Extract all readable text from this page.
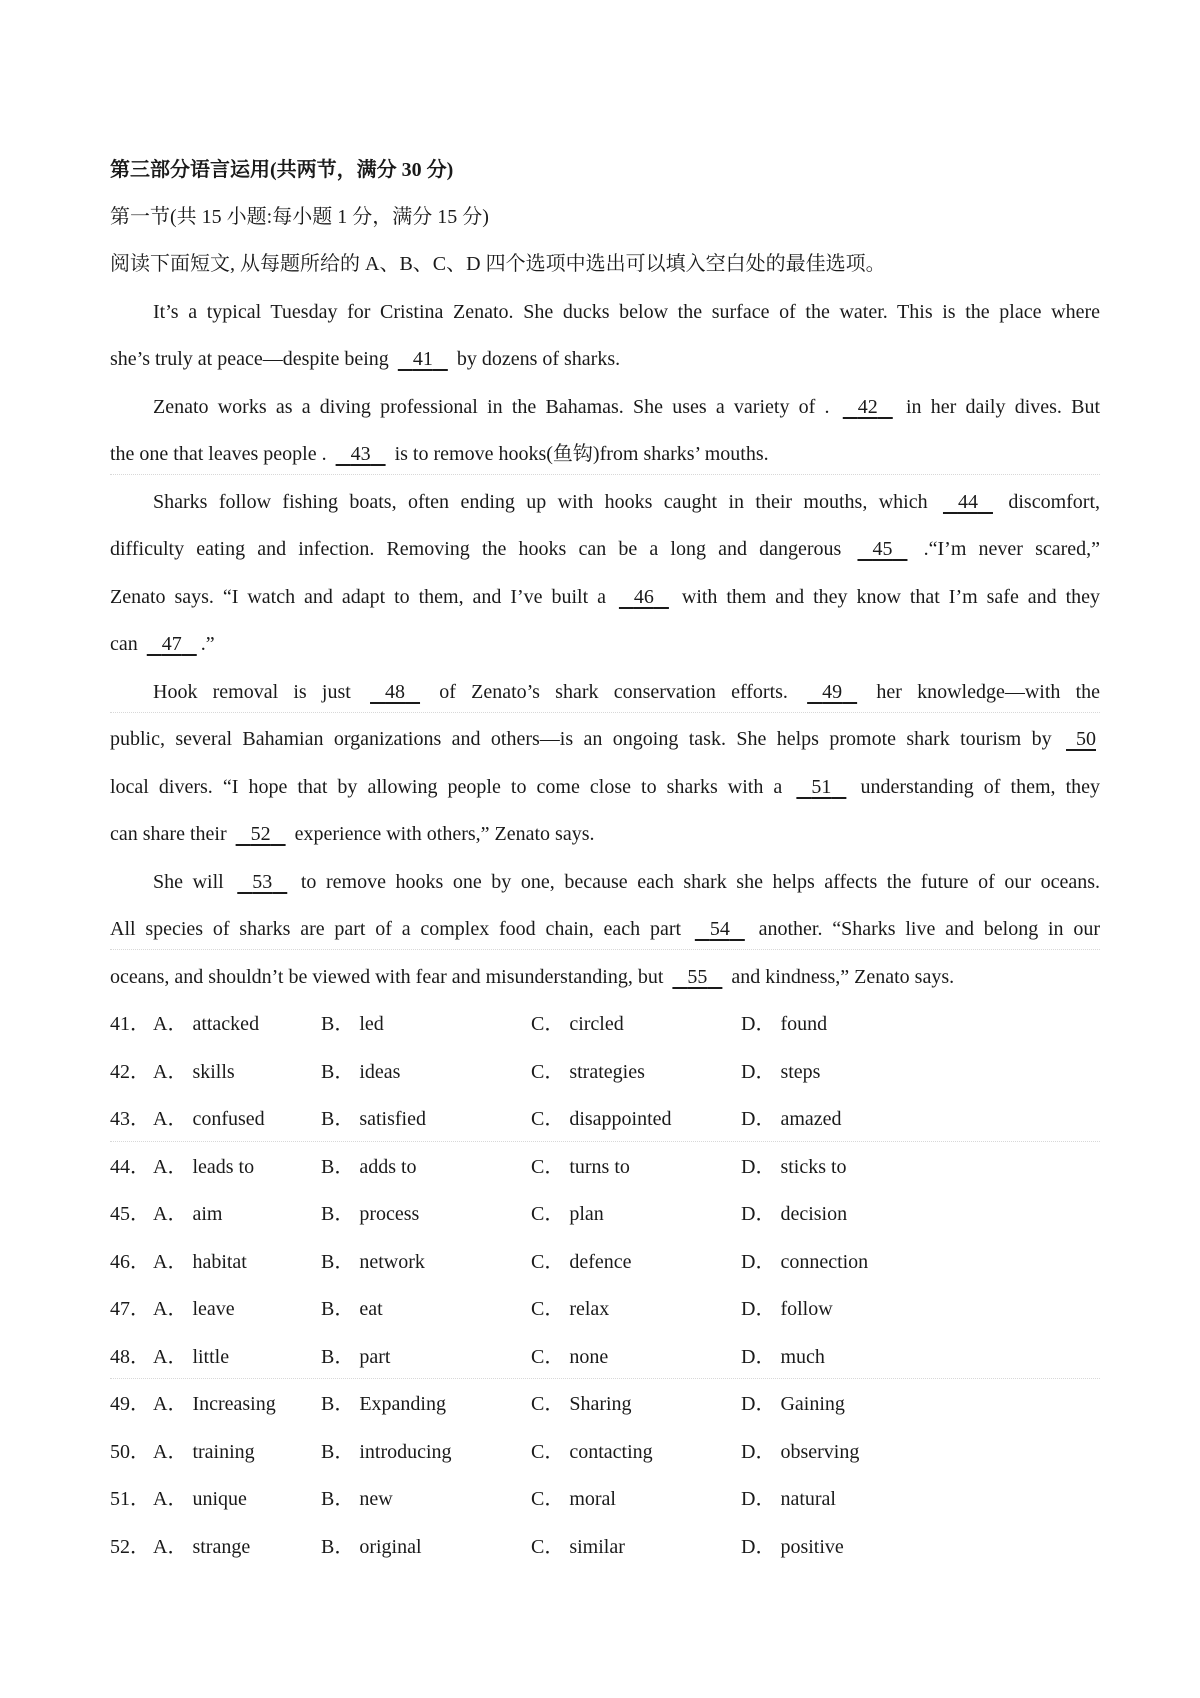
第三部分语言运用(共两节，满分 30 分)
第一节(共 15 小题:每小题 1 分，满分 15 分)
阅读下面短文, 从每题所给的 A、B、C、D 四个选项中选出可以填入空白处的最佳选项。
It’s a typical Tuesday for Cristina Zenato. She ducks below the surface of the water. This is the place where
she’s truly at peace—despite being 41 by dozens of sharks.
Zenato works as a diving professional in the Bahamas. She uses a variety of . 42 in her daily dives. But
the one that leaves people . 43 is to remove hooks(鱼钩)from sharks’ mouths.
Sharks follow fishing boats, often ending up with hooks caught in their mouths, which 44 discomfort,
difficulty eating and infection. Removing the hooks can be a long and dangerous 45 .“I’m never scared,”
Zenato says. “I watch and adapt to them, and I’ve built a 46 with them and they know that I’m safe and they
can 47 .”
Hook removal is just 48 of Zenato’s shark conservation efforts. 49 her knowledge—with the
public, several Bahamian organizations and others—is an ongoing task. She helps promote shark tourism by 50
local divers. “I hope that by allowing people to come close to sharks with a 51 understanding of them, they
can share their 52 experience with others,” Zenato says.
She will 53 to remove hooks one by one, because each shark she helps affects the future of our oceans.
All species of sharks are part of a complex food chain, each part 54 another. “Sharks live and belong in our
oceans, and shouldn’t be viewed with fear and misunderstanding, but 55 and kindness,” Zenato says.
41． A． attacked	B． led	C． circled	D． found
42． A． skills	B． ideas	C． strategies	D． steps
43． A． confused	B． satisfied	C． disappointed	D． amazed
44． A． leads to	B． adds to	C． turns to	D． sticks to
45． A． aim	B． process	C． plan	D． decision
46． A． habitat	B． network	C． defence	D． connection
47． A． leave	B． eat	C． relax	D． follow
48． A． little	B． part	C． none	D． much
49． A． Increasing B． Expanding	C． Sharing	D． Gaining
50． A． training	B． introducing	C． contacting	D． observing
51． A． unique	B． new	C． moral	D． natural
52． A． strange	B． original	C． similar	D． positive
